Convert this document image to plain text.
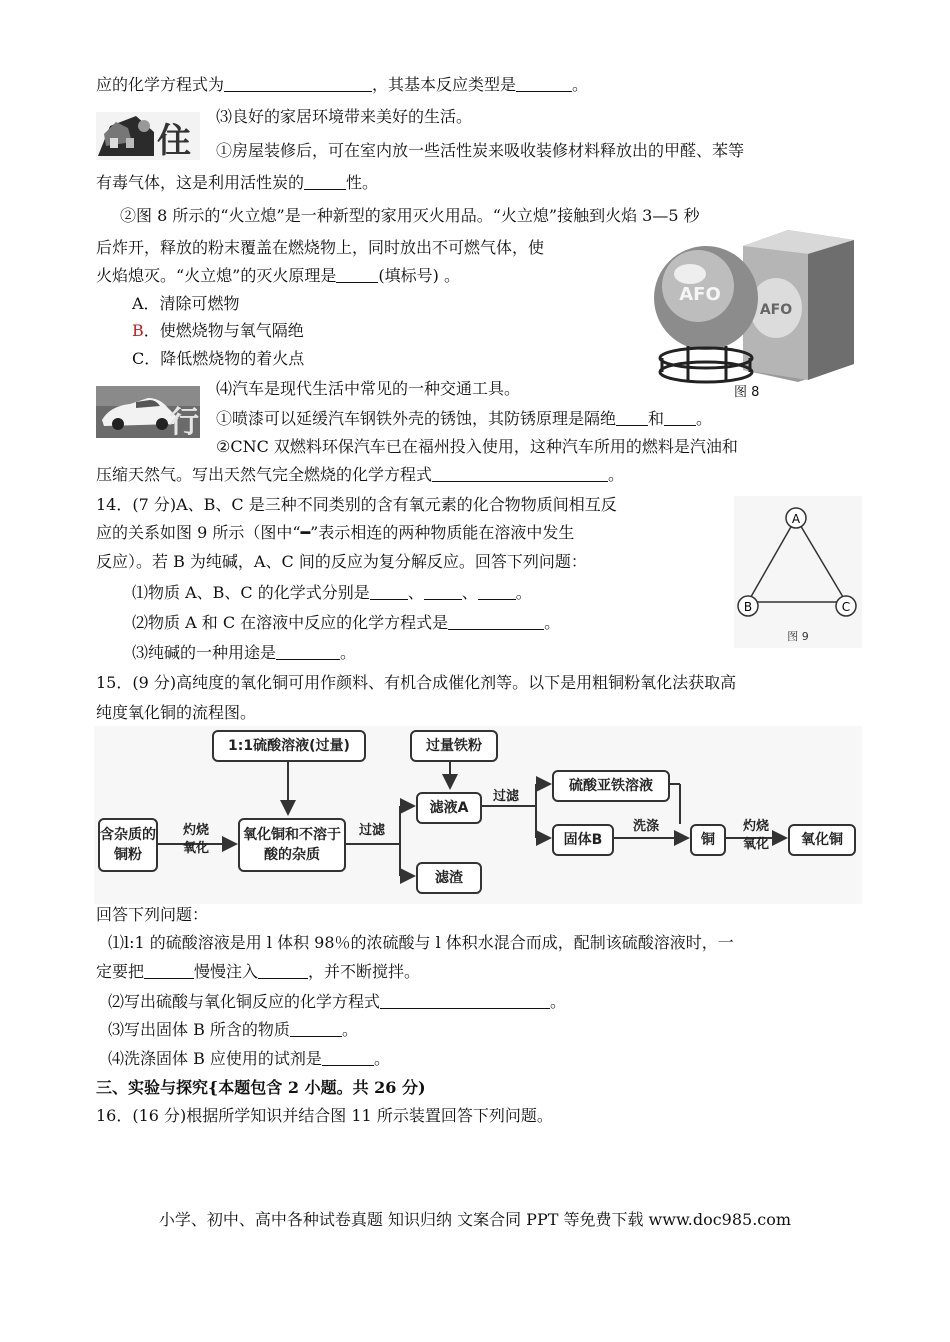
应的化学方程式为	，其基本反应类型是	。
住
⑶良好的家居环境带来美好的生活。
①房屋装修后，可在室内放一些活性炭来吸收装修材料释放出的甲醛、苯等
有毒气体，这是利用活性炭的	性。
②图 8 所示的“火立熄”是一种新型的家用灭火用品。“火立熄”接触到火焰 3—5 秒
后炸开，释放的粉末覆盖在燃烧物上，同时放出不可燃气体，使
火焰熄灭。“火立熄”的灭火原理是	(填标号) 。
A．清除可燃物
B．使燃烧物与氧气隔绝
C．降低燃烧物的着火点
AFO
AFO
图 8
行
⑷汽车是现代生活中常见的一种交通工具。
①喷漆可以延缓汽车钢铁外壳的锈蚀，其防锈原理是隔绝 和 。
②CNC 双燃料环保汽车已在福州投入使用，这种汽车所用的燃料是汽油和
压缩天然气。写出天然气完全燃烧的化学方程式	。
14．(7 分)A、B、C 是三种不同类别的含有氧元素的化合物物质间相互反
应的关系如图 9 所示（图中“━”表示相连的两种物质能在溶液中发生
反应）。若 B 为纯碱，A、C 间的反应为复分解反应。回答下列问题：
⑴物质 A、B、C 的化学式分别是 、 、 。
⑵物质 A 和 C 在溶液中反应的化学方程式是	。
⑶纯碱的一种用途是	。
A
B	C
图 9
15．(9 分)高纯度的氧化铜可用作颜料、有机合成催化剂等。以下是用粗铜粉氧化法获取高
纯度氧化铜的流程图。
1:1硫酸溶液(过量)	过量铁粉
含杂质的铜粉
灼烧氧化
氧化铜和不溶于酸的杂质
过滤
滤液A
滤渣
过滤
硫酸亚铁溶液
固体B
洗涤
铜
灼烧氧化	氧化铜
回答下列问题：
⑴l:1 的硫酸溶液是用 l 体积 98％的浓硫酸与 l 体积水混合而成，配制该硫酸溶液时，一
定要把	慢慢注入	，并不断搅拌。
⑵写出硫酸与氧化铜反应的化学方程式	。
⑶写出固体 B 所含的物质	。
⑷洗涤固体 B 应使用的试剂是	。
三、实验与探究{本题包含 2 小题。共 26 分)
16．(16 分)根据所学知识并结合图 11 所示装置回答下列问题。
小学、初中、高中各种试卷真题 知识归纳 文案合同 PPT 等免费下载 www.doc985.com
